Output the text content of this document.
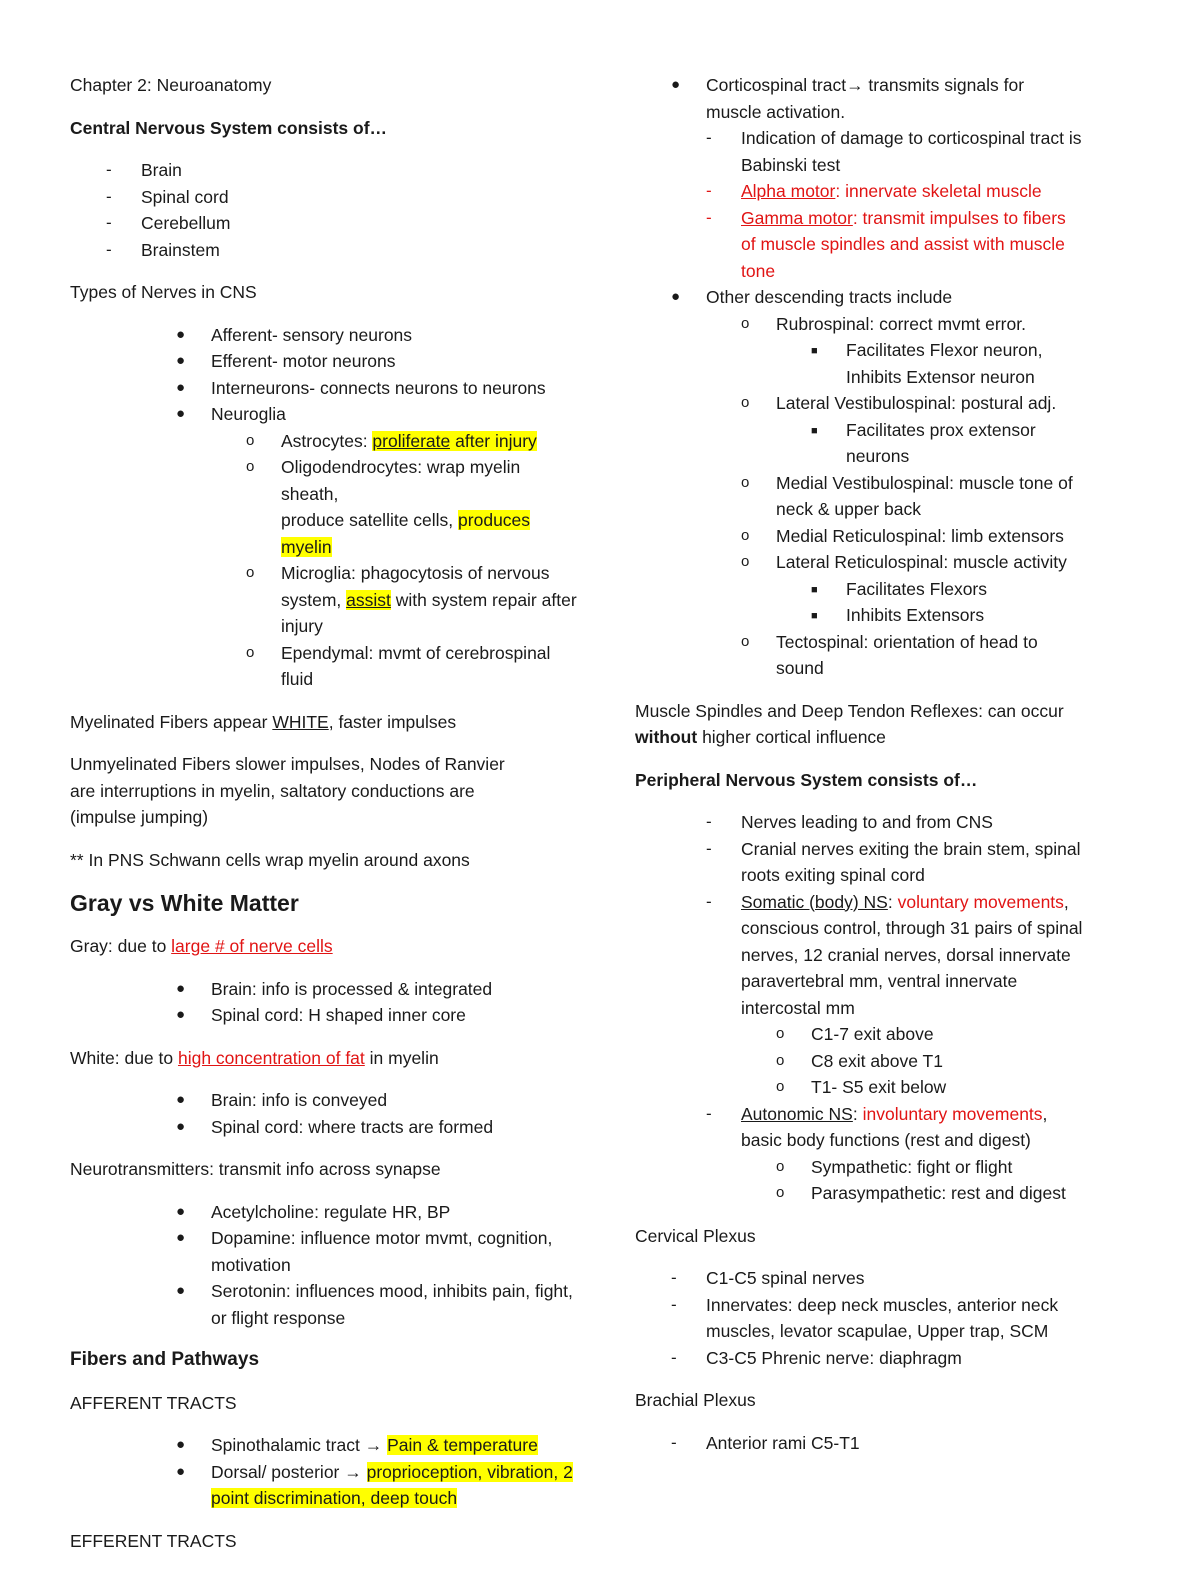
Chapter 2: Neuroanatomy

Central Nervous System consists of…

- Brain
- Spinal cord
- Cerebellum
- Brainstem

Types of Nerves in CNS

● Afferent- sensory neurons
● Efferent- motor neurons
● Interneurons- connects neurons to neurons
● Neuroglia
o Astrocytes: proliferate after injury
o Oligodendrocytes: wrap myelin sheath,
produce satellite cells, produces myelin
o Microglia: phagocytosis of nervous
system, assist with system repair after
injury
o Ependymal: mvmt of cerebrospinal fluid

Myelinated Fibers appear WHITE, faster impulses

Unmyelinated Fibers slower impulses, Nodes of Ranvier
are interruptions in myelin, saltatory conductions are
(impulse jumping)

** In PNS Schwann cells wrap myelin around axons

Gray vs White Matter

Gray: due to large # of nerve cells

● Brain: info is processed & integrated
● Spinal cord: H shaped inner core

White: due to high concentration of fat in myelin

● Brain: info is conveyed
● Spinal cord: where tracts are formed

Neurotransmitters: transmit info across synapse

● Acetylcholine: regulate HR, BP
● Dopamine: influence motor mvmt, cognition,
motivation
● Serotonin: influences mood, inhibits pain, fight,
or flight response

Fibers and Pathways

AFFERENT TRACTS

● Spinothalamic tract → Pain & temperature
● Dorsal/ posterior → proprioception, vibration, 2
point discrimination, deep touch

EFFERENT TRACTS

● Corticospinal tract→ transmits signals for
muscle activation.
- Indication of damage to corticospinal tract is
Babinski test
- Alpha motor: innervate skeletal muscle
- Gamma motor: transmit impulses to fibers
of muscle spindles and assist with muscle
tone
● Other descending tracts include
o Rubrospinal: correct mvmt error.
■ Facilitates Flexor neuron,
Inhibits Extensor neuron
o Lateral Vestibulospinal: postural adj.
■ Facilitates prox extensor
neurons
o Medial Vestibulospinal: muscle tone of
neck & upper back
o Medial Reticulospinal: limb extensors
o Lateral Reticulospinal: muscle activity
■ Facilitates Flexors
■ Inhibits Extensors
o Tectospinal: orientation of head to
sound

Muscle Spindles and Deep Tendon Reflexes: can occur
without higher cortical influence

Peripheral Nervous System consists of…

- Nerves leading to and from CNS
- Cranial nerves exiting the brain stem, spinal
roots exiting spinal cord
- Somatic (body) NS: voluntary movements,
conscious control, through 31 pairs of spinal
nerves, 12 cranial nerves, dorsal innervate
paravertebral mm, ventral innervate
intercostal mm
o C1-7 exit above
o C8 exit above T1
o T1- S5 exit below
- Autonomic NS: involuntary movements,
basic body functions (rest and digest)
o Sympathetic: fight or flight
o Parasympathetic: rest and digest

Cervical Plexus

- C1-C5 spinal nerves
- Innervates: deep neck muscles, anterior neck
muscles, levator scapulae, Upper trap, SCM
- C3-C5 Phrenic nerve: diaphragm

Brachial Plexus

- Anterior rami C5-T1
